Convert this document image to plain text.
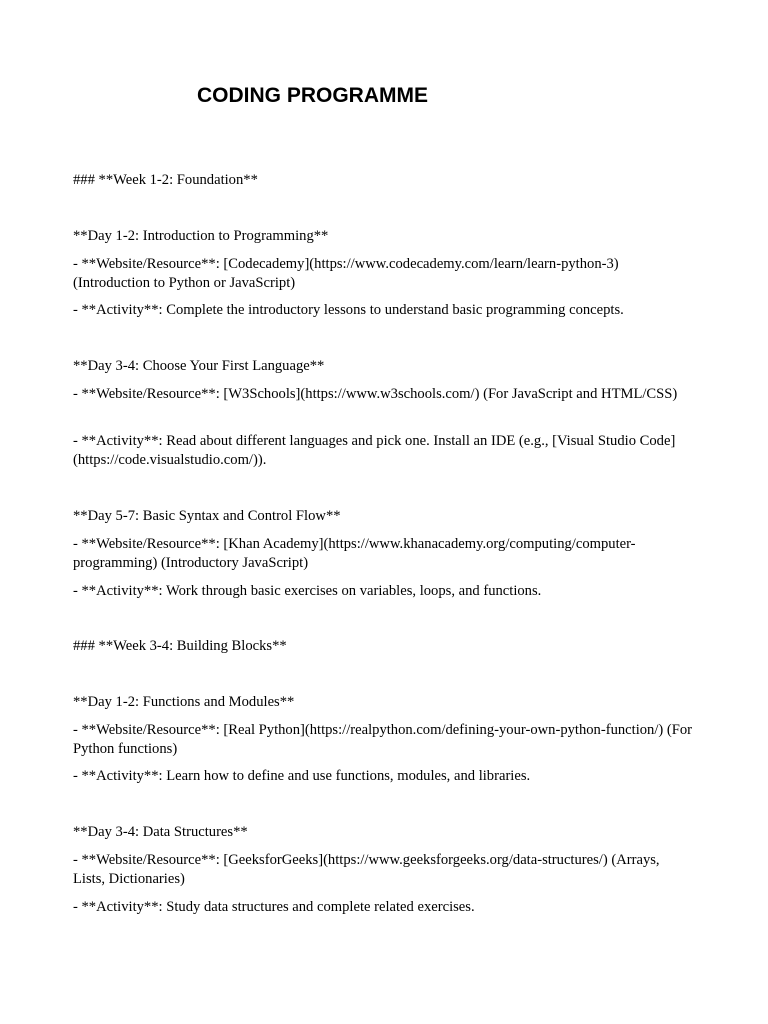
CODING PROGRAMME
### **Week 1-2: Foundation**
**Day 1-2: Introduction to Programming**
- **Website/Resource**: [Codecademy](https://www.codecademy.com/learn/learn-python-3) (Introduction to Python or JavaScript)
- **Activity**: Complete the introductory lessons to understand basic programming concepts.
**Day 3-4: Choose Your First Language**
- **Website/Resource**: [W3Schools](https://www.w3schools.com/) (For JavaScript and HTML/CSS)
- **Activity**: Read about different languages and pick one. Install an IDE (e.g., [Visual Studio Code](https://code.visualstudio.com/)).
**Day 5-7: Basic Syntax and Control Flow**
- **Website/Resource**: [Khan Academy](https://www.khanacademy.org/computing/computer-programming) (Introductory JavaScript)
- **Activity**: Work through basic exercises on variables, loops, and functions.
### **Week 3-4: Building Blocks**
**Day 1-2: Functions and Modules**
- **Website/Resource**: [Real Python](https://realpython.com/defining-your-own-python-function/) (For Python functions)
- **Activity**: Learn how to define and use functions, modules, and libraries.
**Day 3-4: Data Structures**
- **Website/Resource**: [GeeksforGeeks](https://www.geeksforgeeks.org/data-structures/) (Arrays, Lists, Dictionaries)
- **Activity**: Study data structures and complete related exercises.
